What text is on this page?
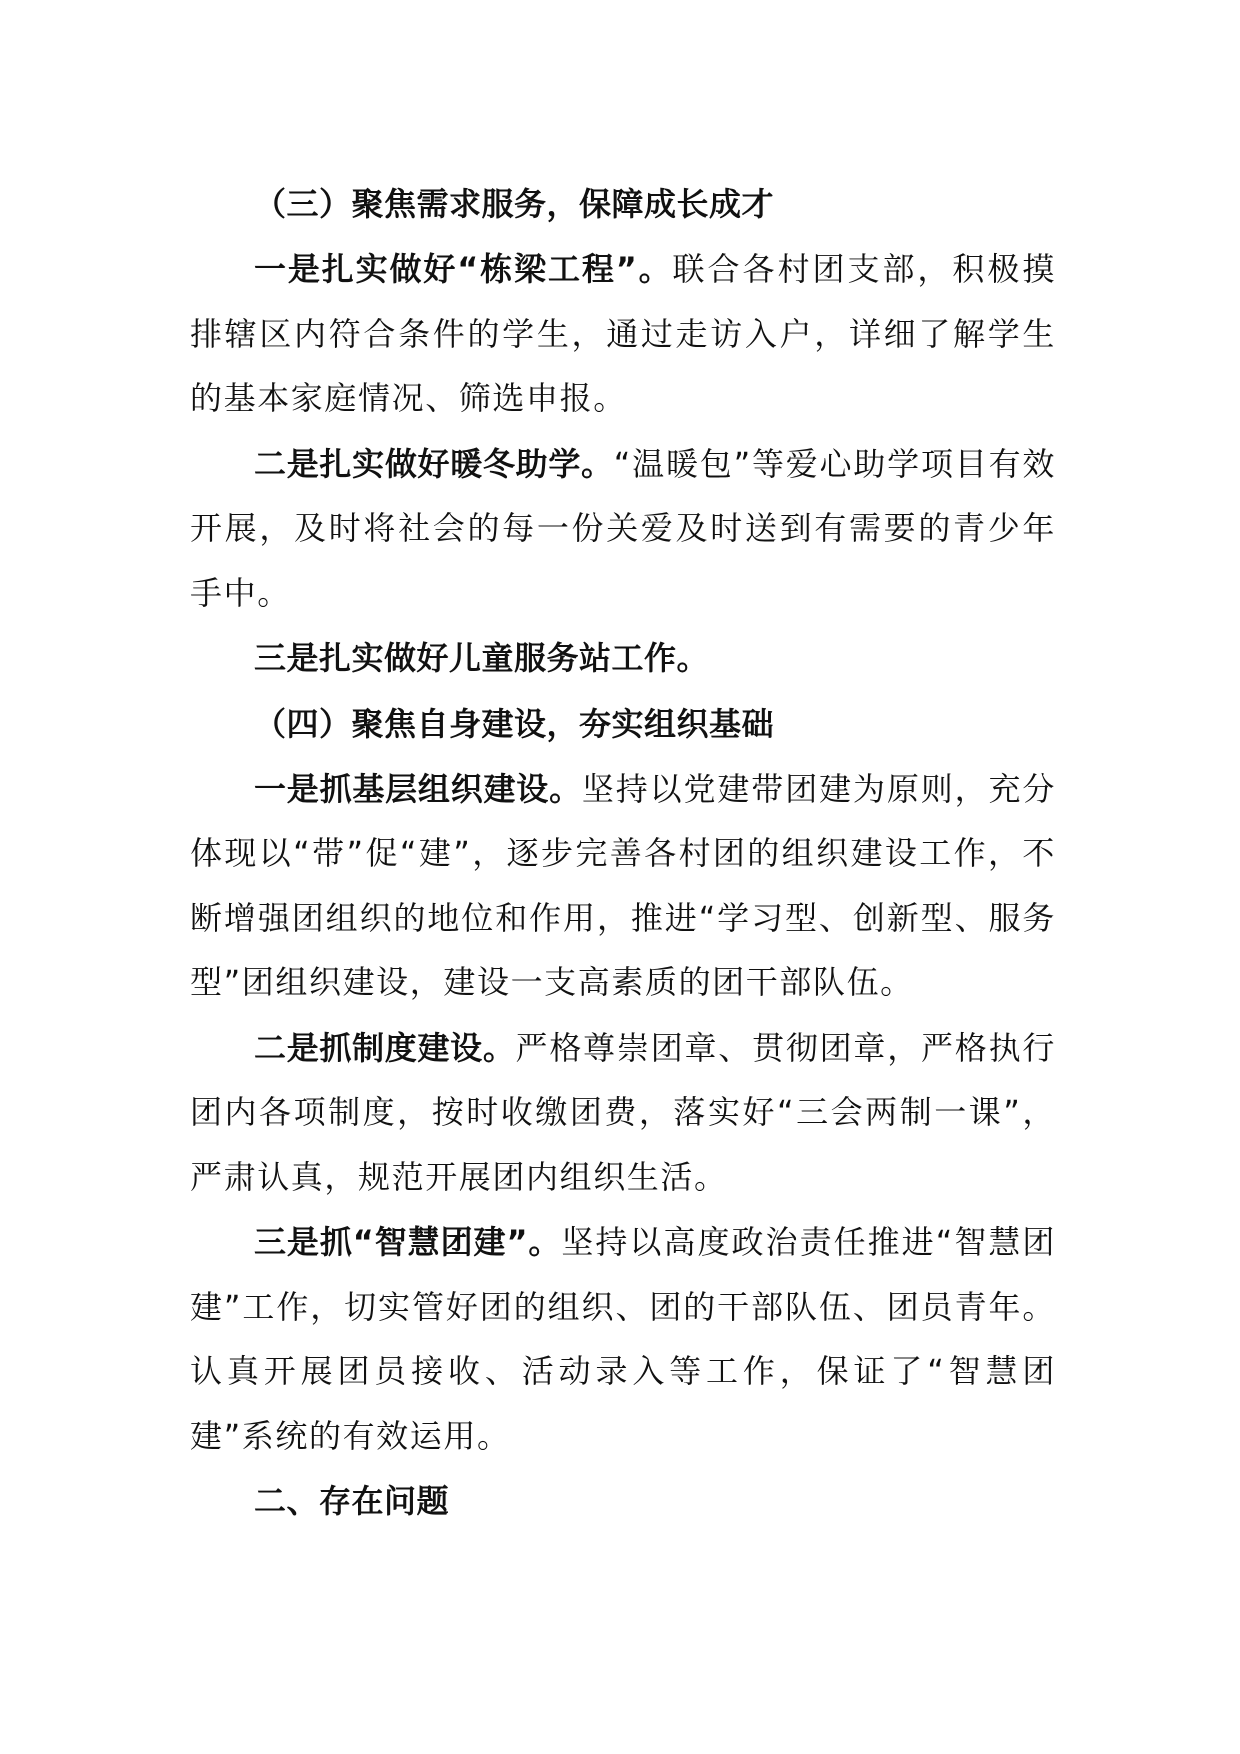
（三）聚焦需求服务，保障成长成才

一是扎实做好“栋梁工程”。联合各村团支部，积极摸排辖区内符合条件的学生，通过走访入户，详细了解学生的基本家庭情况、筛选申报。

二是扎实做好暖冬助学。“温暖包”等爱心助学项目有效开展，及时将社会的每一份关爱及时送到有需要的青少年手中。

三是扎实做好儿童服务站工作。

（四）聚焦自身建设，夯实组织基础

一是抓基层组织建设。坚持以党建带团建为原则，充分体现以“带”促“建”，逐步完善各村团的组织建设工作，不断增强团组织的地位和作用，推进“学习型、创新型、服务型”团组织建设，建设一支高素质的团干部队伍。

二是抓制度建设。严格尊崇团章、贯彻团章，严格执行团内各项制度，按时收缴团费，落实好“三会两制一课”，严肃认真，规范开展团内组织生活。

三是抓“智慧团建”。坚持以高度政治责任推进“智慧团建”工作，切实管好团的组织、团的干部队伍、团员青年。认真开展团员接收、活动录入等工作，保证了“智慧团建”系统的有效运用。

二、存在问题
